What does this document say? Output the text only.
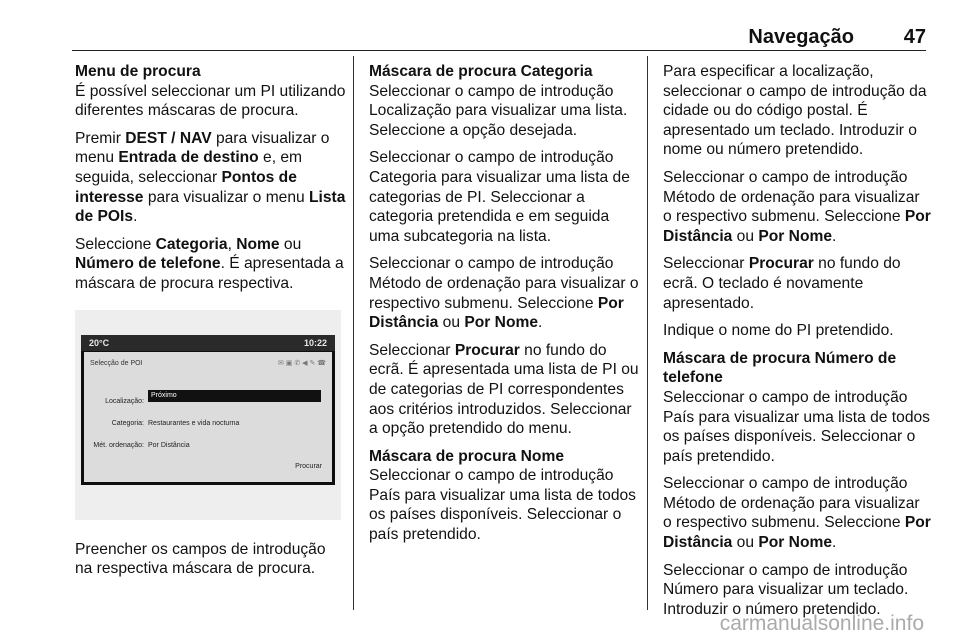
Navegação 47

Menu de procura

É possível seleccionar um PI utilizando diferentes máscaras de procura.

Premir DEST / NAV para visualizar o menu Entrada de destino e, em seguida, seleccionar Pontos de interesse para visualizar o menu Lista de POIs.

Seleccione Categoria, Nome ou Número de telefone. É apresentada a máscara de procura respectiva.

20°C	10:22
Selecção de POI	✉ ▣ ✆ ◀ ✎ ☎
Localização:
Próximo
Categoria: Restaurantes e vida nocturna
Mét. ordenação: Por Distância
Procurar

Preencher os campos de introdução na respectiva máscara de procura.

Máscara de procura Categoria

Seleccionar o campo de introdução Localização para visualizar uma lista. Seleccione a opção desejada.

Seleccionar o campo de introdução Categoria para visualizar uma lista de categorias de PI. Seleccionar a categoria pretendida e em seguida uma subcategoria na lista.

Seleccionar o campo de introdução Método de ordenação para visualizar o respectivo submenu. Seleccione Por Distância ou Por Nome.

Seleccionar Procurar no fundo do ecrã. É apresentada uma lista de PI ou de categorias de PI correspondentes aos critérios introduzidos. Seleccionar a opção pretendido do menu.

Máscara de procura Nome

Seleccionar o campo de introdução País para visualizar uma lista de todos os países disponíveis. Seleccionar o país pretendido.

Para especificar a localização, seleccionar o campo de introdução da cidade ou do código postal. É apresentado um teclado. Introduzir o nome ou número pretendido.

Seleccionar o campo de introdução Método de ordenação para visualizar o respectivo submenu. Seleccione Por Distância ou Por Nome.

Seleccionar Procurar no fundo do ecrã. O teclado é novamente apresentado.

Indique o nome do PI pretendido.

Máscara de procura Número de telefone

Seleccionar o campo de introdução País para visualizar uma lista de todos os países disponíveis. Seleccionar o país pretendido.

Seleccionar o campo de introdução Método de ordenação para visualizar o respectivo submenu. Seleccione Por Distância ou Por Nome.

Seleccionar o campo de introdução Número para visualizar um teclado. Introduzir o número pretendido.

carmanualsonline.info
